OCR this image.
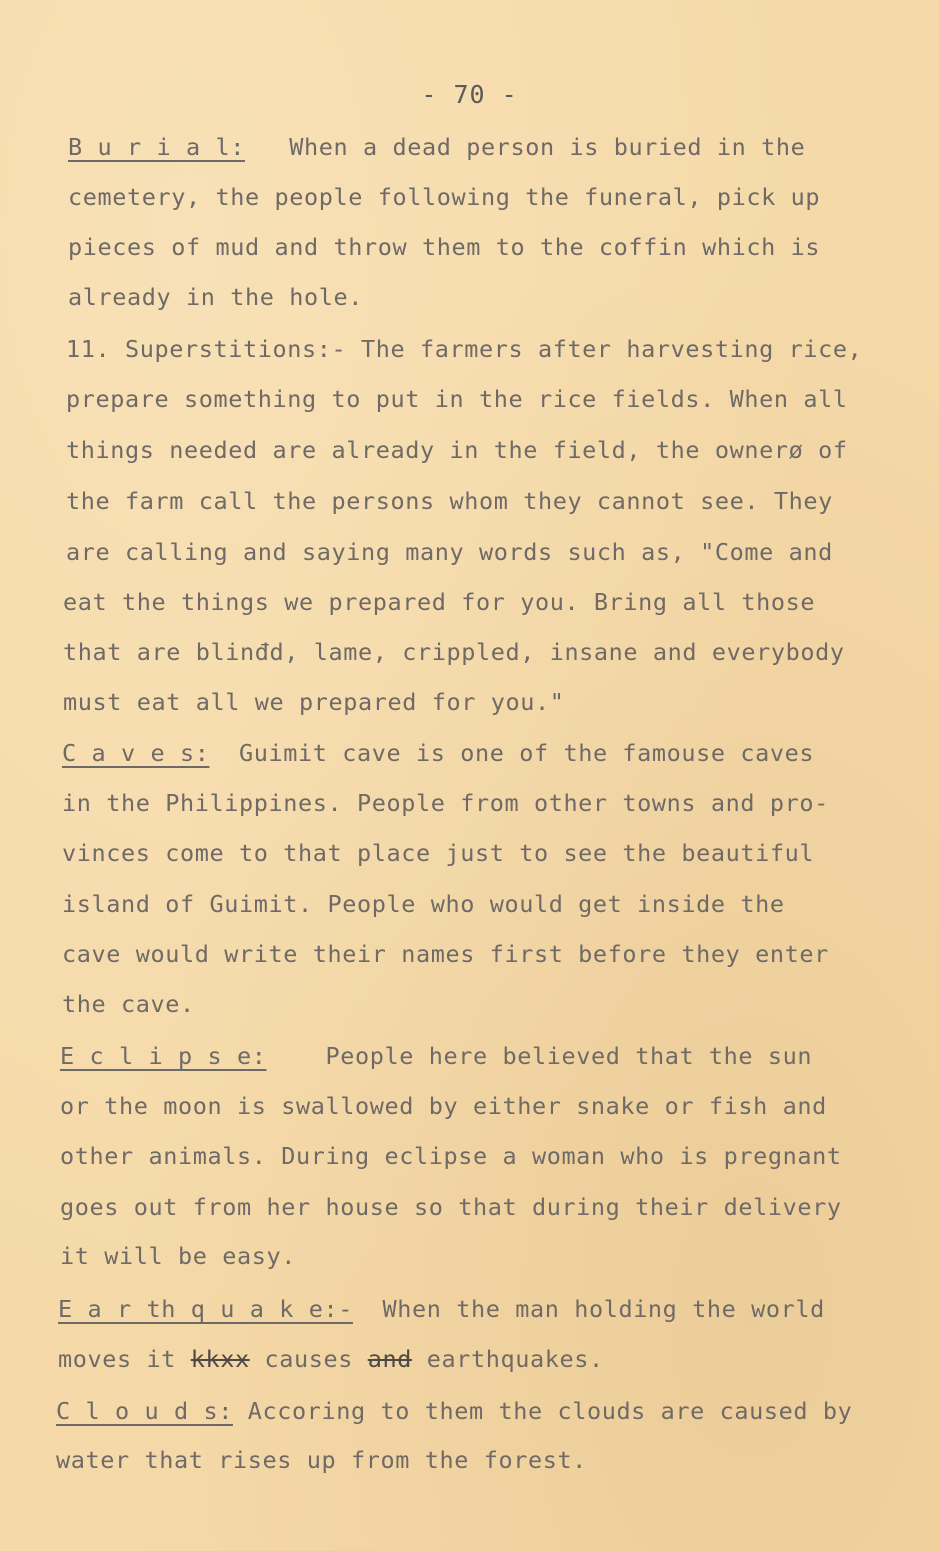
- 70 -
B u r i a l: When a dead person is buried in the
cemetery, the people following the funeral, pick up
pieces of mud and throw them to the coffin which is
already in the hole.
11. Superstitions:- The farmers after harvesting rice,
prepare something to put in the rice fields. When all
things needed are already in the field, the ownerø of
the farm call the persons whom they cannot see. They
are calling and saying many words such as, "Come and
eat the things we prepared for you. Bring all those
that are blinđd, lame, crippled, insane and everybody
must eat all we prepared for you."
C a v e s: Guimit cave is one of the famouse caves
in the Philippines. People from other towns and pro-
vinces come to that place just to see the beautiful
island of Guimit. People who would get inside the
cave would write their names first before they enter
the cave.
E c l i p s e:	People here believed that the sun
or the moon is swallowed by either snake or fish and
other animals. During eclipse a woman who is pregnant
goes out from her house so that during their delivery
it will be easy.
E a r th q u a k e:- When the man holding the world
moves it kkxx causes and earthquakes.
C l o u d s: Accoring to them the clouds are caused by
water that rises up from the forest.
